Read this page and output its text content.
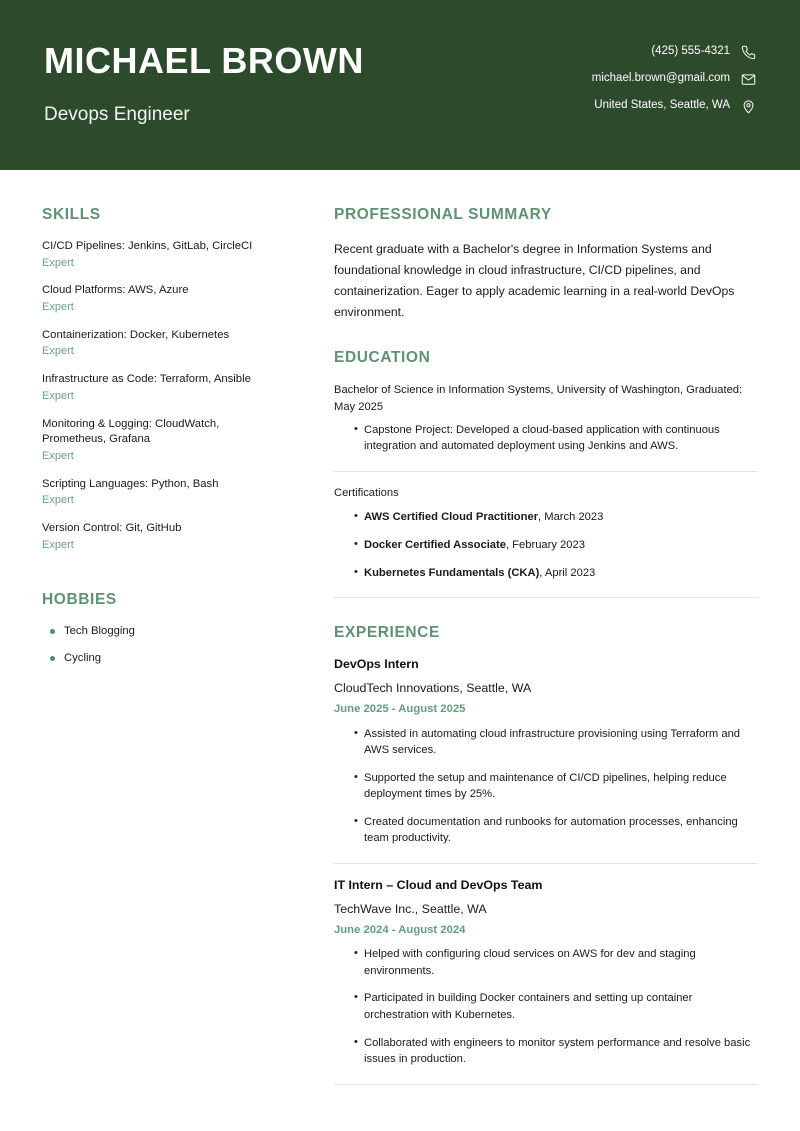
MICHAEL BROWN
Devops Engineer
(425) 555-4321
michael.brown@gmail.com
United States, Seattle, WA
SKILLS
CI/CD Pipelines: Jenkins, GitLab, CircleCI
Expert
Cloud Platforms: AWS, Azure
Expert
Containerization: Docker, Kubernetes
Expert
Infrastructure as Code: Terraform, Ansible
Expert
Monitoring & Logging: CloudWatch, Prometheus, Grafana
Expert
Scripting Languages: Python, Bash
Expert
Version Control: Git, GitHub
Expert
HOBBIES
Tech Blogging
Cycling
PROFESSIONAL SUMMARY

Recent graduate with a Bachelor's degree in Information Systems and foundational knowledge in cloud infrastructure, CI/CD pipelines, and containerization. Eager to apply academic learning in a real-world DevOps environment.

EDUCATION

Bachelor of Science in Information Systems, University of Washington, Graduated: May 2025

• Capstone Project: Developed a cloud-based application with continuous integration and automated deployment using Jenkins and AWS.

Certifications

• AWS Certified Cloud Practitioner, March 2023
• Docker Certified Associate, February 2023
• Kubernetes Fundamentals (CKA), April 2023
EXPERIENCE
DevOps Intern
CloudTech Innovations, Seattle, WA
June 2025 - August 2025
• Assisted in automating cloud infrastructure provisioning using Terraform and AWS services.
• Supported the setup and maintenance of CI/CD pipelines, helping reduce deployment times by 25%.
• Created documentation and runbooks for automation processes, enhancing team productivity.
IT Intern – Cloud and DevOps Team
TechWave Inc., Seattle, WA
June 2024 - August 2024
• Helped with configuring cloud services on AWS for dev and staging environments.
• Participated in building Docker containers and setting up container orchestration with Kubernetes.
• Collaborated with engineers to monitor system performance and resolve basic issues in production.
